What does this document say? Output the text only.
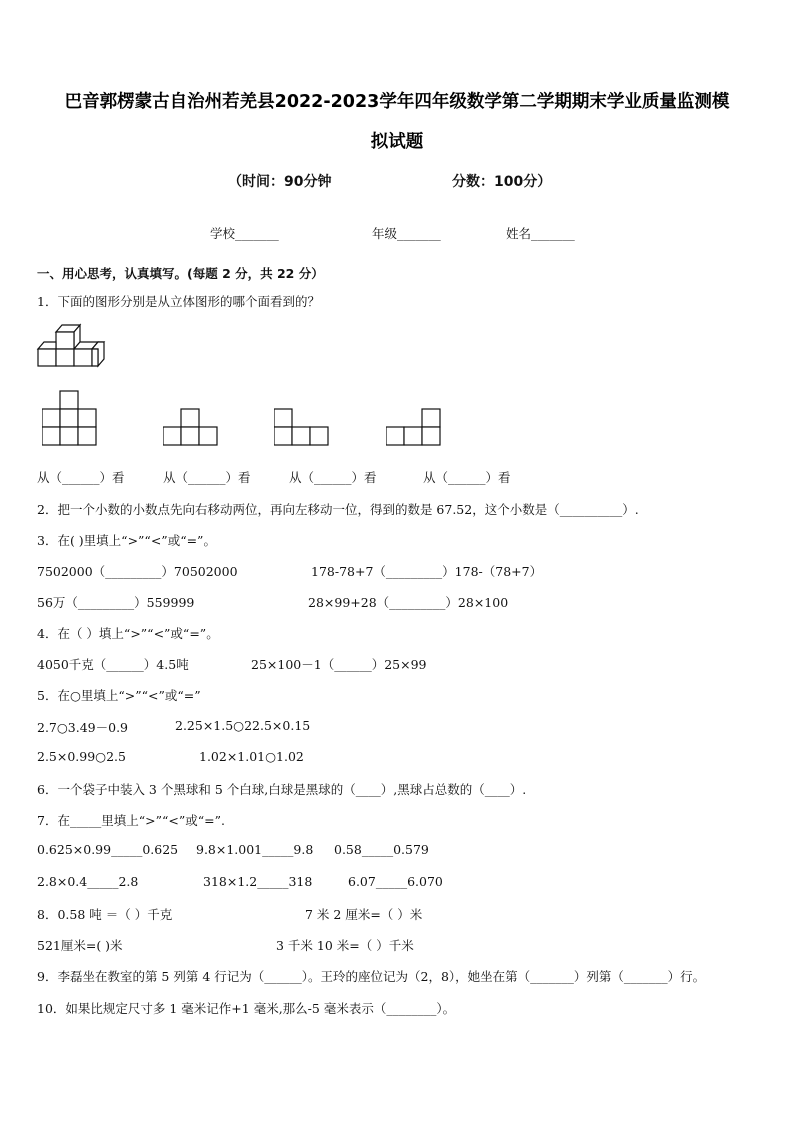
巴音郭楞蒙古自治州若羌县2022-2023学年四年级数学第二学期期末学业质量监测模
拟试题
（时间：90分钟	分数：100分）
学校_______	年级_______	姓名_______
一、用心思考，认真填写。(每题 2 分，共 22 分）
1．下面的图形分别是从立体图形的哪个面看到的？
从（______）看	从（______）看	从（______）看	从（______）看
2．把一个小数的小数点先向右移动两位，再向左移动一位，得到的数是 67.52，这个小数是（__________）.
3．在( )里填上“>”“<”或“=”。
7502000（_________）70502000	178-78+7（_________）178-（78+7）
56万（_________）559999	28×99+28（_________）28×100
4．在（ ）填上“>”“<”或“=”。
4050千克（______）4.5吨	25×100－1（______）25×99
5．在○里填上“>”“<”或“=”
2.7○3.49－0.9	2.25×1.5○22.5×0.15
2.5×0.99○2.5	1.02×1.01○1.02
6．一个袋子中装入 3 个黑球和 5 个白球,白球是黑球的（____）,黑球占总数的（____）.
7．在_____里填上“>”“<”或“=”.
0.625×0.99_____0.625 9.8×1.001_____9.8 0.58_____0.579
2.8×0.4_____2.8	318×1.2_____318	6.07_____6.070
8．0.58 吨 ＝（ ）千克	7 米 2 厘米=（ ）米
521厘米=( )米	3 千米 10 米=（ ）千米
9．李磊坐在教室的第 5 列第 4 行记为（______）。王玲的座位记为（2，8），她坐在第（_______）列第（_______）行。
10．如果比规定尺寸多 1 毫米记作+1 毫米,那么-5 毫米表示（________）。
